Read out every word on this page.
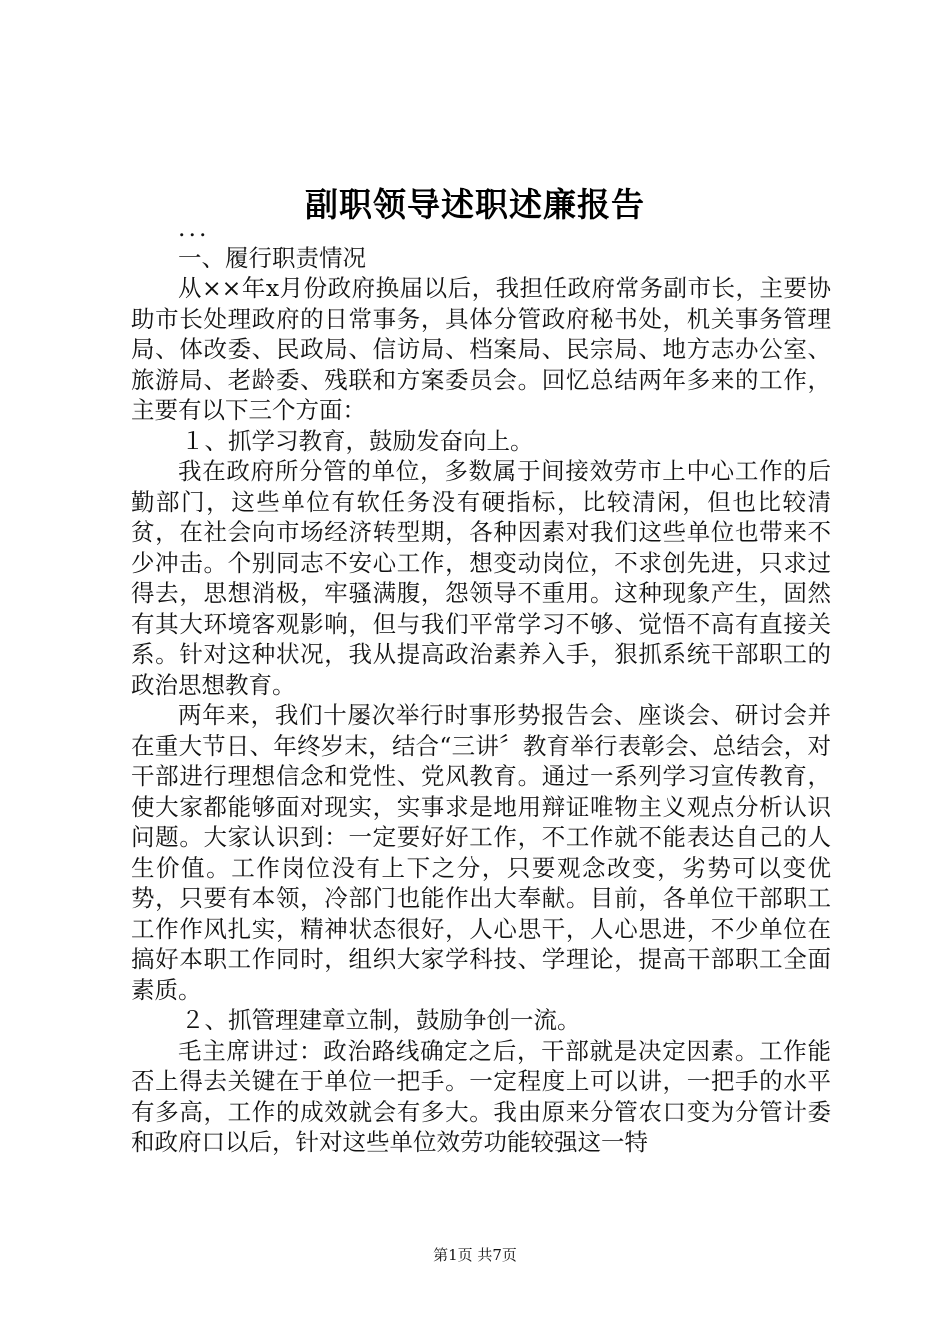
副职领导述职述廉报告

...

一、履行职责情况

从××年x月份政府换届以后，我担任政府常务副市长，主要协助市长处理政府的日常事务，具体分管政府秘书处，机关事务管理局、体改委、民政局、信访局、档案局、民宗局、地方志办公室、旅游局、老龄委、残联和方案委员会。回忆总结两年多来的工作，主要有以下三个方面：

１、抓学习教育，鼓励发奋向上。

我在政府所分管的单位，多数属于间接效劳市上中心工作的后勤部门，这些单位有软任务没有硬指标，比较清闲，但也比较清贫，在社会向市场经济转型期，各种因素对我们这些单位也带来不少冲击。个别同志不安心工作，想变动岗位，不求创先进，只求过得去，思想消极，牢骚满腹，怨领导不重用。这种现象产生，固然有其大环境客观影响，但与我们平常学习不够、觉悟不高有直接关系。针对这种状况，我从提高政治素养入手，狠抓系统干部职工的政治思想教育。

两年来，我们十屡次举行时事形势报告会、座谈会、研讨会并在重大节日、年终岁末，结合“三讲〞教育举行表彰会、总结会，对干部进行理想信念和党性、党风教育。通过一系列学习宣传教育，使大家都能够面对现实，实事求是地用辩证唯物主义观点分析认识问题。大家认识到：一定要好好工作，不工作就不能表达自己的人生价值。工作岗位没有上下之分，只要观念改变，劣势可以变优势，只要有本领，冷部门也能作出大奉献。目前，各单位干部职工工作作风扎实，精神状态很好，人心思干，人心思进，不少单位在搞好本职工作同时，组织大家学科技、学理论，提高干部职工全面素质。

２、抓管理建章立制，鼓励争创一流。

毛主席讲过：政治路线确定之后，干部就是决定因素。工作能否上得去关键在于单位一把手。一定程度上可以讲，一把手的水平有多高，工作的成效就会有多大。我由原来分管农口变为分管计委和政府口以后，针对这些单位效劳功能较强这一特

第1页 共7页
